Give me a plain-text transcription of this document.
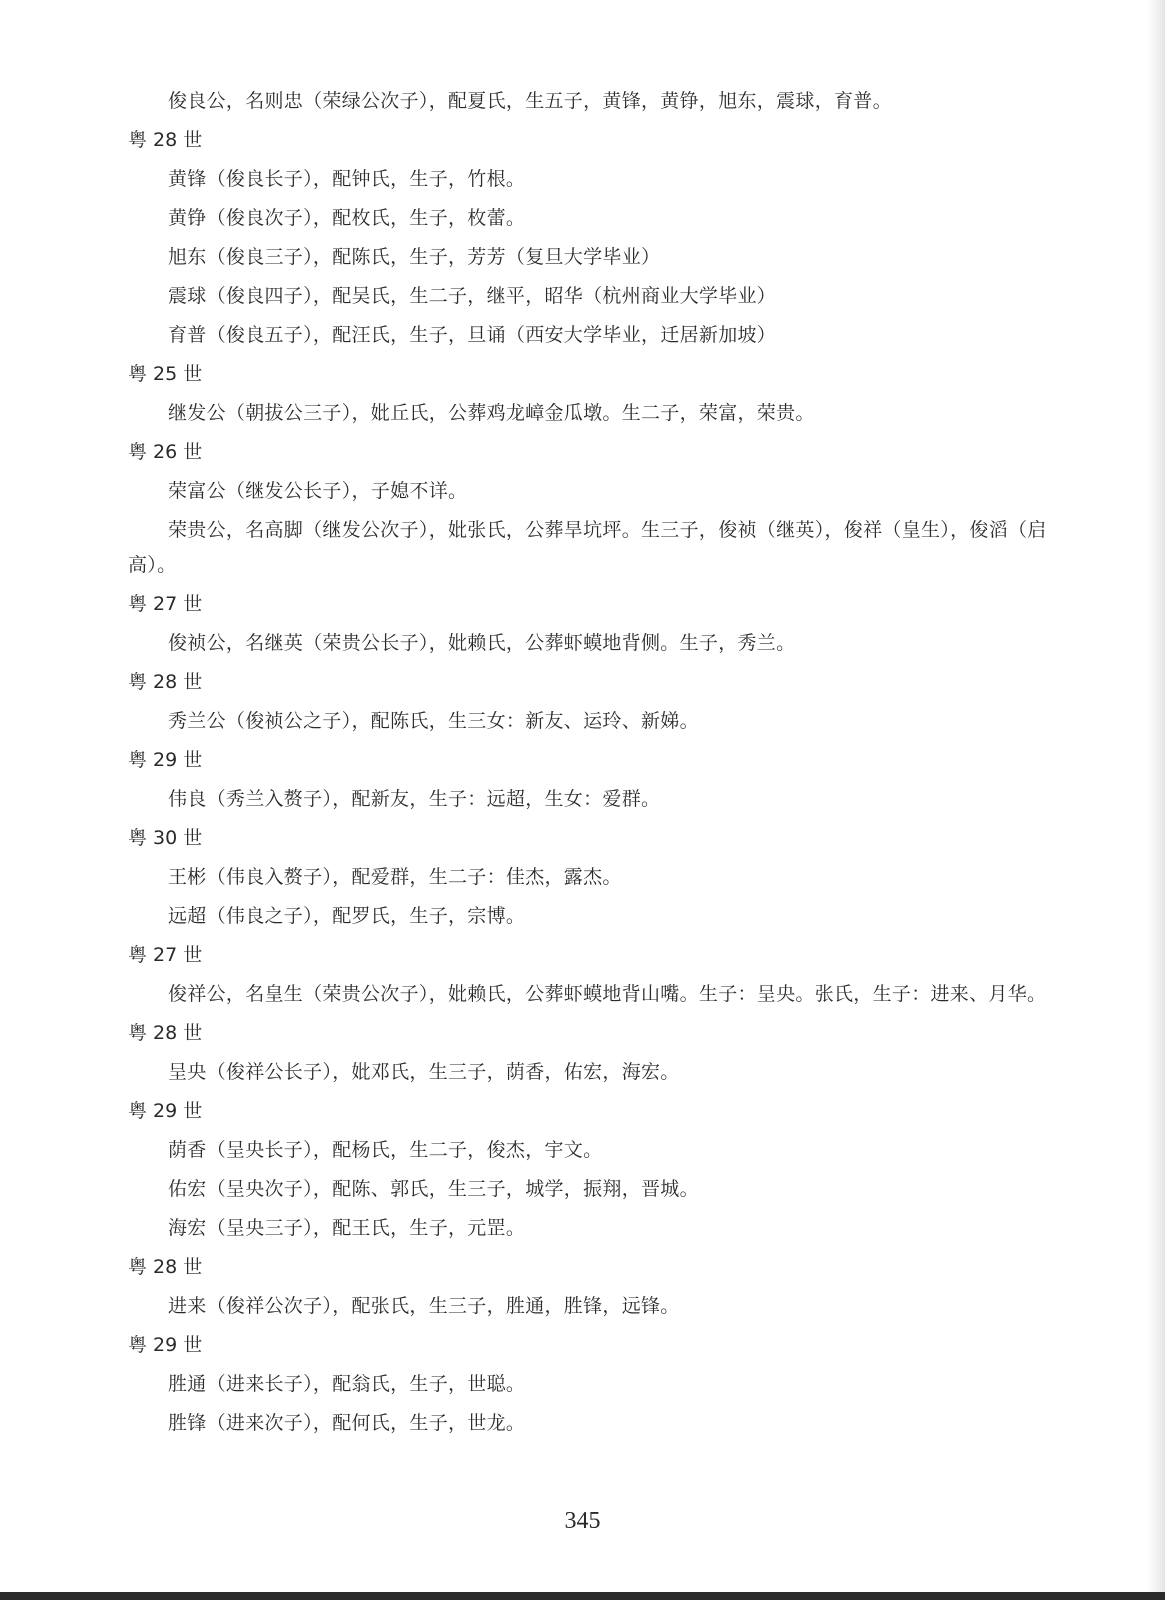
俊良公，名则忠（荣绿公次子），配夏氏，生五子，黄锋，黄铮，旭东，震球，育普。

粤 28 世

黄锋（俊良长子），配钟氏，生子，竹根。

黄铮（俊良次子），配枚氏，生子，枚蕾。

旭东（俊良三子），配陈氏，生子，芳芳（复旦大学毕业）

震球（俊良四子），配吴氏，生二子，继平，昭华（杭州商业大学毕业）

育普（俊良五子），配汪氏，生子，旦诵（西安大学毕业，迁居新加坡）

粤 25 世

继发公（朝拔公三子），妣丘氏，公葬鸡龙嶂金瓜墩。生二子，荣富，荣贵。

粤 26 世

荣富公（继发公长子），子媳不详。

荣贵公，名高脚（继发公次子），妣张氏，公葬旱坑坪。生三子，俊祯（继英），俊祥（皇生），俊滔（启高）。

粤 27 世

俊祯公，名继英（荣贵公长子），妣赖氏，公葬虾蟆地背侧。生子，秀兰。

粤 28 世

秀兰公（俊祯公之子），配陈氏，生三女：新友、运玲、新娣。

粤 29 世

伟良（秀兰入赘子），配新友，生子：远超，生女：爱群。

粤 30 世

王彬（伟良入赘子），配爱群，生二子：佳杰，露杰。

远超（伟良之子），配罗氏，生子，宗博。

粤 27 世

俊祥公，名皇生（荣贵公次子），妣赖氏，公葬虾蟆地背山嘴。生子：呈央。张氏，生子：进来、月华。

粤 28 世

呈央（俊祥公长子），妣邓氏，生三子，荫香，佑宏，海宏。

粤 29 世

荫香（呈央长子），配杨氏，生二子，俊杰，宇文。

佑宏（呈央次子），配陈、郭氏，生三子，城学，振翔，晋城。

海宏（呈央三子），配王氏，生子，元罡。

粤 28 世

进来（俊祥公次子），配张氏，生三子，胜通，胜锋，远锋。

粤 29 世

胜通（进来长子），配翁氏，生子，世聪。

胜锋（进来次子），配何氏，生子，世龙。

345
